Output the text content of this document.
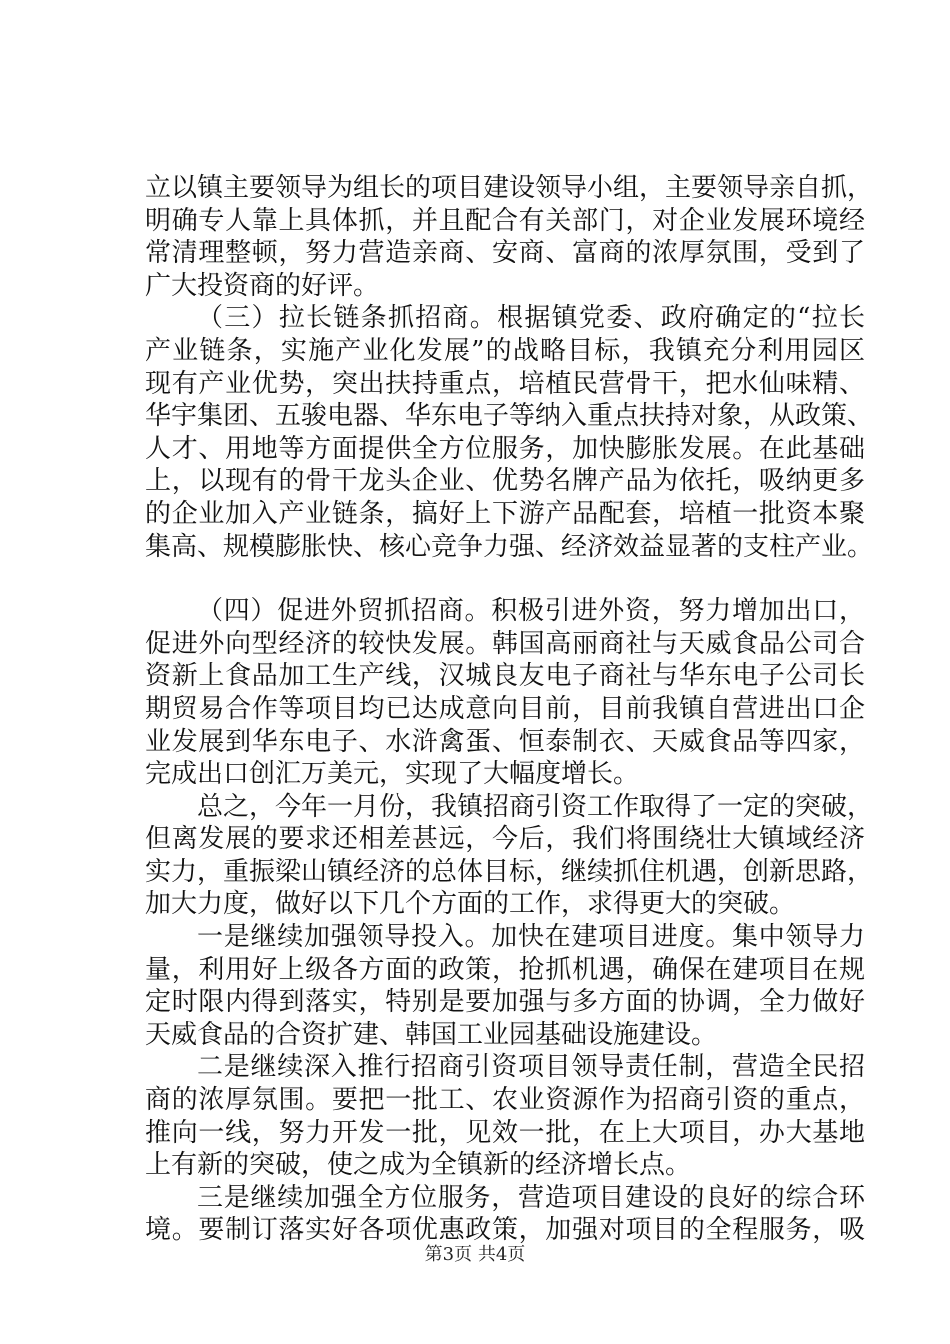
立以镇主要领导为组长的项目建设领导小组，主要领导亲自抓，
明确专人靠上具体抓，并且配合有关部门，对企业发展环境经
常清理整顿，努力营造亲商、安商、富商的浓厚氛围，受到了
广大投资商的好评。
（三）拉长链条抓招商。根据镇党委、政府确定的“拉长
产业链条，实施产业化发展”的战略目标，我镇充分利用园区
现有产业优势，突出扶持重点，培植民营骨干，把水仙味精、
华宇集团、五骏电器、华东电子等纳入重点扶持对象，从政策、
人才、用地等方面提供全方位服务，加快膨胀发展。在此基础
上，以现有的骨干龙头企业、优势名牌产品为依托，吸纳更多
的企业加入产业链条，搞好上下游产品配套，培植一批资本聚
集高、规模膨胀快、核心竞争力强、经济效益显著的支柱产业。
（四）促进外贸抓招商。积极引进外资，努力增加出口，
促进外向型经济的较快发展。韩国高丽商社与天威食品公司合
资新上食品加工生产线，汉城良友电子商社与华东电子公司长
期贸易合作等项目均已达成意向目前，目前我镇自营进出口企
业发展到华东电子、水浒禽蛋、恒泰制衣、天威食品等四家，
完成出口创汇万美元，实现了大幅度增长。
总之，今年一月份，我镇招商引资工作取得了一定的突破，
但离发展的要求还相差甚远，今后，我们将围绕壮大镇域经济
实力，重振梁山镇经济的总体目标，继续抓住机遇，创新思路，
加大力度，做好以下几个方面的工作，求得更大的突破。
一是继续加强领导投入。加快在建项目进度。集中领导力
量，利用好上级各方面的政策，抢抓机遇，确保在建项目在规
定时限内得到落实，特别是要加强与多方面的协调，全力做好
天威食品的合资扩建、韩国工业园基础设施建设。
二是继续深入推行招商引资项目领导责任制，营造全民招
商的浓厚氛围。要把一批工、农业资源作为招商引资的重点，
推向一线，努力开发一批，见效一批，在上大项目，办大基地
上有新的突破，使之成为全镇新的经济增长点。
三是继续加强全方位服务，营造项目建设的良好的综合环
境。要制订落实好各项优惠政策，加强对项目的全程服务，吸
第3页 共4页
